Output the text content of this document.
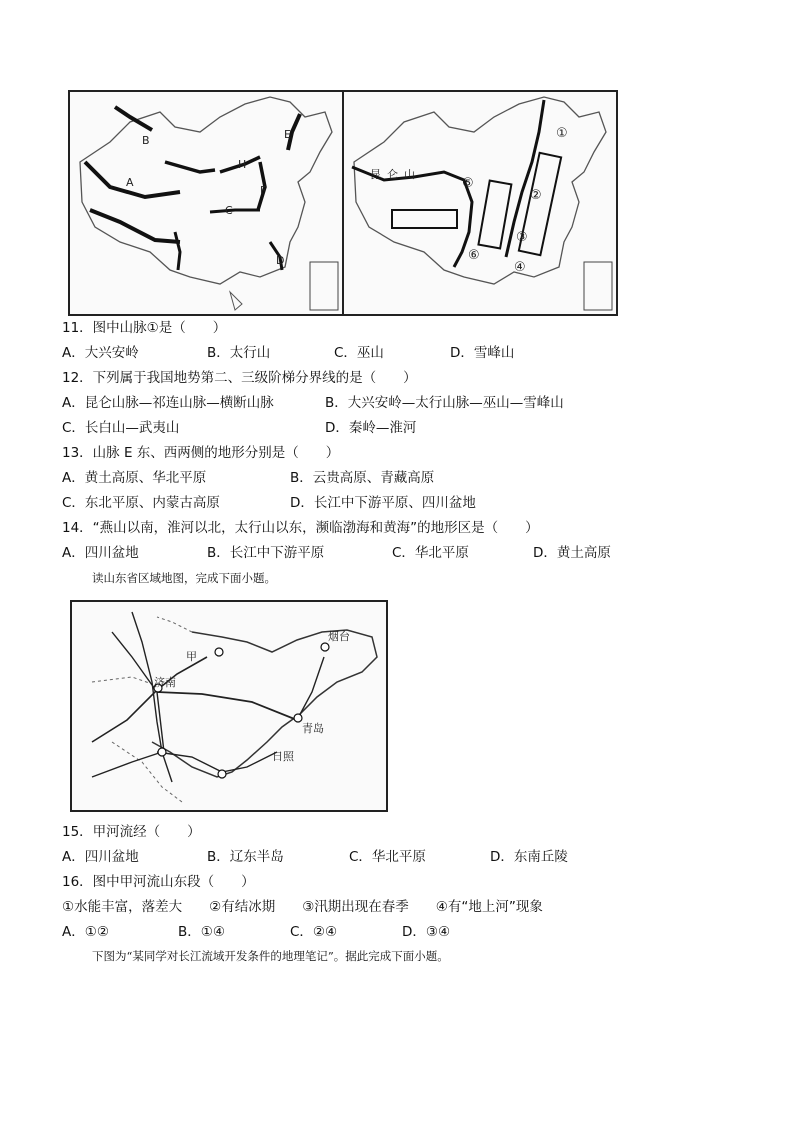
B
A
C
D
E
F
H
昆仑山
①
②
③
④
⑤
⑥
11．图中山脉①是（　　）
A．大兴安岭	B．太行山	C．巫山	D．雪峰山
12．下列属于我国地势第二、三级阶梯分界线的是（　　）
A．昆仑山脉—祁连山脉—横断山脉	B．大兴安岭—太行山脉—巫山—雪峰山
C．长白山—武夷山	D．秦岭—淮河
13．山脉 E 东、西两侧的地形分别是（　　）
A．黄土高原、华北平原	B．云贵高原、青藏高原
C．东北平原、内蒙古高原	D．长江中下游平原、四川盆地
14．“燕山以南，淮河以北，太行山以东，濒临渤海和黄海”的地形区是（　　）
A．四川盆地	B．长江中下游平原	C．华北平原	D．黄土高原
读山东省区域地图，完成下面小题。
甲
烟台
济南
青岛
日照
15．甲河流经（　　）
A．四川盆地	B．辽东半岛	C．华北平原	D．东南丘陵
16．图中甲河流山东段（　　）
①水能丰富，落差大　　②有结冰期　　③汛期出现在春季　　④有“地上河”现象
A．①②	B．①④	C．②④	D．③④
下图为“某同学对长江流域开发条件的地理笔记”。据此完成下面小题。
